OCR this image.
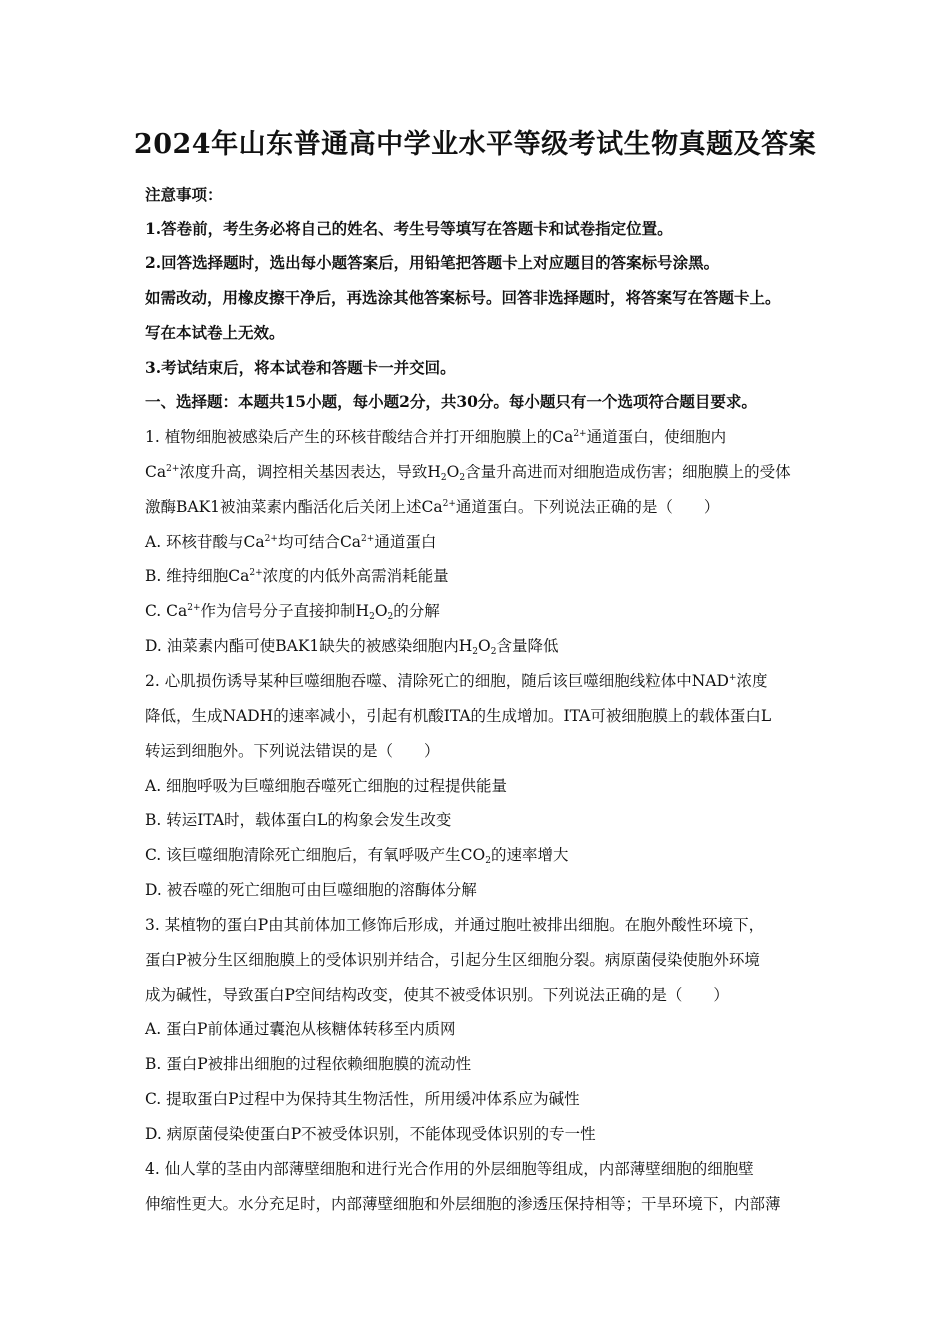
2024年山东普通高中学业水平等级考试生物真题及答案
注意事项：
1.答卷前，考生务必将自己的姓名、考生号等填写在答题卡和试卷指定位置。
2.回答选择题时，选出每小题答案后，用铅笔把答题卡上对应题目的答案标号涂黑。
如需改动，用橡皮擦干净后，再选涂其他答案标号。回答非选择题时，将答案写在答题卡上。
写在本试卷上无效。
3.考试结束后，将本试卷和答题卡一并交回。
一、选择题：本题共15小题，每小题2分，共30分。每小题只有一个选项符合题目要求。
1. 植物细胞被感染后产生的环核苷酸结合并打开细胞膜上的$Ca^{2+}$通道蛋白，使细胞内
$Ca^{2+}$浓度升高，调控相关基因表达，导致$H_2O_2$含量升高进而对细胞造成伤害；细胞膜上的受体
激酶BAK1被油菜素内酯活化后关闭上述$Ca^{2+}$通道蛋白。下列说法正确的是（　　）
A. 环核苷酸与$Ca^{2+}$均可结合$Ca^{2+}$通道蛋白
B. 维持细胞$Ca^{2+}$浓度的内低外高需消耗能量
C. $Ca^{2+}$作为信号分子直接抑制$H_2O_2$的分解
D. 油菜素内酯可使BAK1缺失的被感染细胞内$H_2O_2$含量降低
2. 心肌损伤诱导某种巨噬细胞吞噬、清除死亡的细胞，随后该巨噬细胞线粒体中NAD+浓度
降低，生成NADH的速率减小，引起有机酸ITA的生成增加。ITA可被细胞膜上的载体蛋白L
转运到细胞外。下列说法错误的是（　　）
A. 细胞呼吸为巨噬细胞吞噬死亡细胞的过程提供能量
B. 转运ITA时，载体蛋白L的构象会发生改变
C. 该巨噬细胞清除死亡细胞后，有氧呼吸产生$CO_2$的速率增大
D. 被吞噬的死亡细胞可由巨噬细胞的溶酶体分解
3. 某植物的蛋白P由其前体加工修饰后形成，并通过胞吐被排出细胞。在胞外酸性环境下，
蛋白P被分生区细胞膜上的受体识别并结合，引起分生区细胞分裂。病原菌侵染使胞外环境
成为碱性，导致蛋白P空间结构改变，使其不被受体识别。下列说法正确的是（　　）
A. 蛋白P前体通过囊泡从核糖体转移至内质网
B. 蛋白P被排出细胞的过程依赖细胞膜的流动性
C. 提取蛋白P过程中为保持其生物活性，所用缓冲体系应为碱性
D. 病原菌侵染使蛋白P不被受体识别，不能体现受体识别的专一性
4. 仙人掌的茎由内部薄壁细胞和进行光合作用的外层细胞等组成，内部薄壁细胞的细胞壁
伸缩性更大。水分充足时，内部薄壁细胞和外层细胞的渗透压保持相等；干旱环境下，内部薄
